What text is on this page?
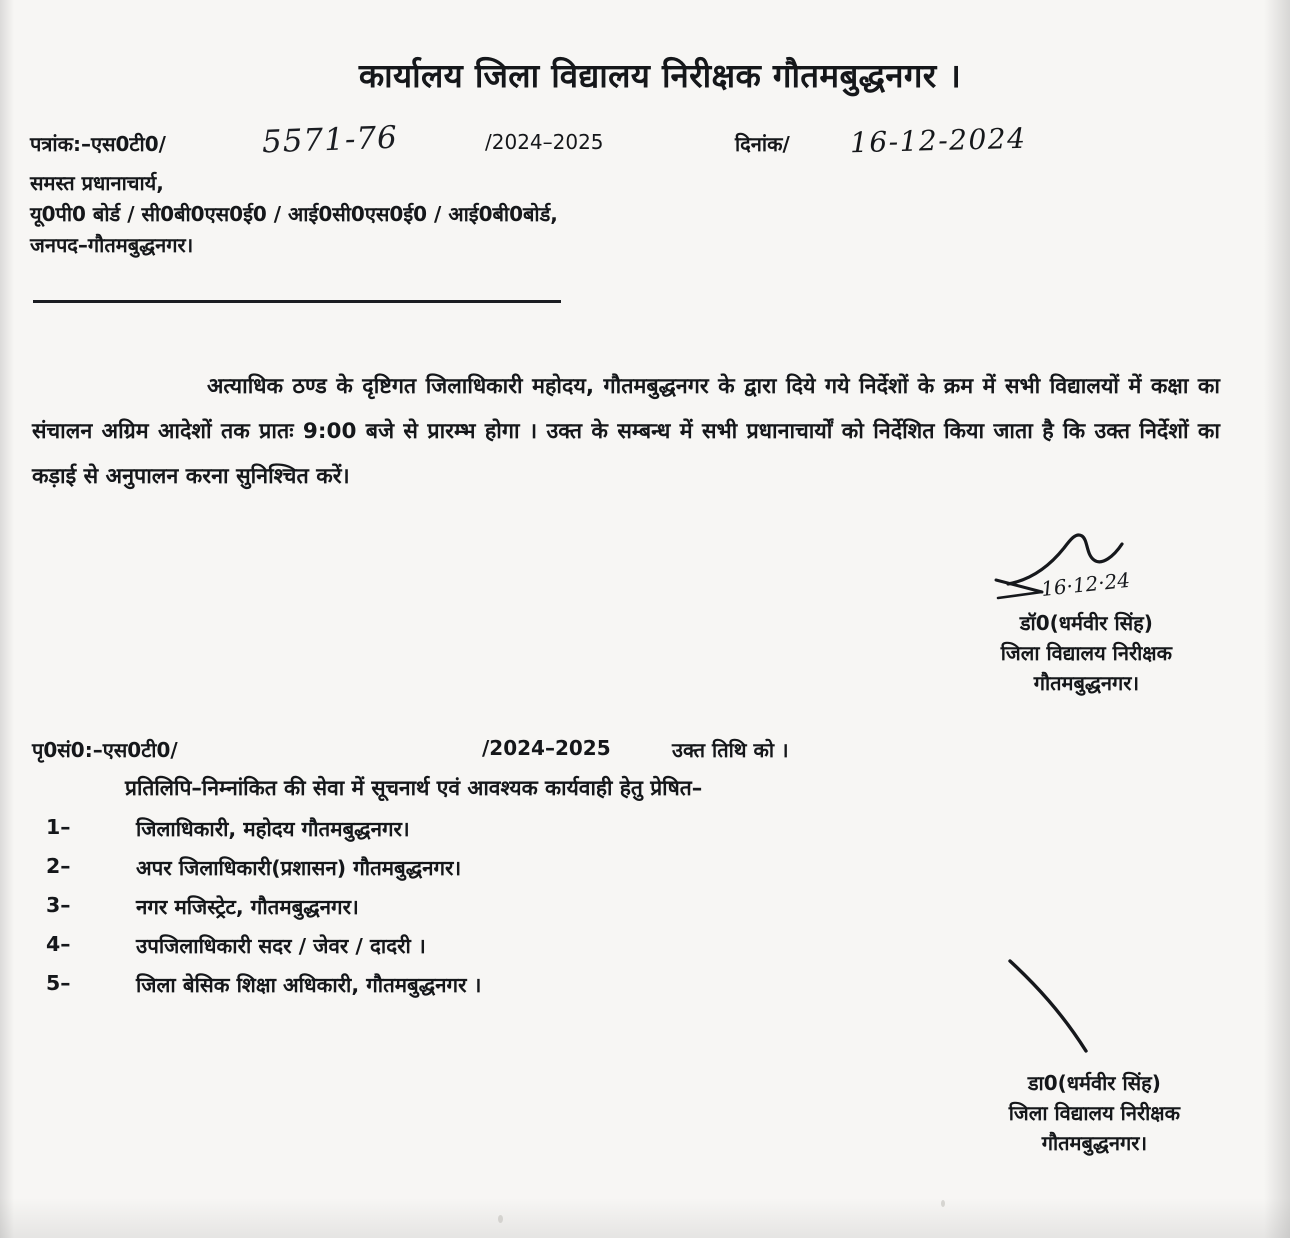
कार्यालय जिला विद्यालय निरीक्षक गौतमबुद्धनगर ।
पत्रांक:–एस0टी0/	5571-76	/2024–2025	दिनांक/ 16-12-2024
समस्त प्रधानाचार्य,
यू0पी0 बोर्ड / सी0बी0एस0ई0 / आई0सी0एस0ई0 / आई0बी0बोर्ड,
जनपद–गौतमबुद्धनगर।
अत्याधिक ठण्ड के दृष्टिगत जिलाधिकारी महोदय, गौतमबुद्धनगर के द्वारा दिये गये निर्देशों के क्रम में सभी विद्यालयों में कक्षा का संचालन अग्रिम आदेशों तक प्रातः 9:00 बजे से प्रारम्भ होगा । उक्त के सम्बन्ध में सभी प्रधानाचार्यों को निर्देशित किया जाता है कि उक्त निर्देशों का कड़ाई से अनुपालन करना सुनिश्चित करें।
16·12·24
डॉ0(धर्मवीर सिंह)
जिला विद्यालय निरीक्षक
गौतमबुद्धनगर।
पृ0सं0:–एस0टी0/	/2024–2025	उक्त तिथि को ।
प्रतिलिपि–निम्नांकित की सेवा में सूचनार्थ एवं आवश्यक कार्यवाही हेतु प्रेषित–
1–	जिलाधिकारी, महोदय गौतमबुद्धनगर।
2–	अपर जिलाधिकारी(प्रशासन) गौतमबुद्धनगर।
3–	नगर मजिस्ट्रेट, गौतमबुद्धनगर।
4–	उपजिलाधिकारी सदर / जेवर / दादरी ।
5–	जिला बेसिक शिक्षा अधिकारी, गौतमबुद्धनगर ।
डा0(धर्मवीर सिंह)
जिला विद्यालय निरीक्षक
गौतमबुद्धनगर।
